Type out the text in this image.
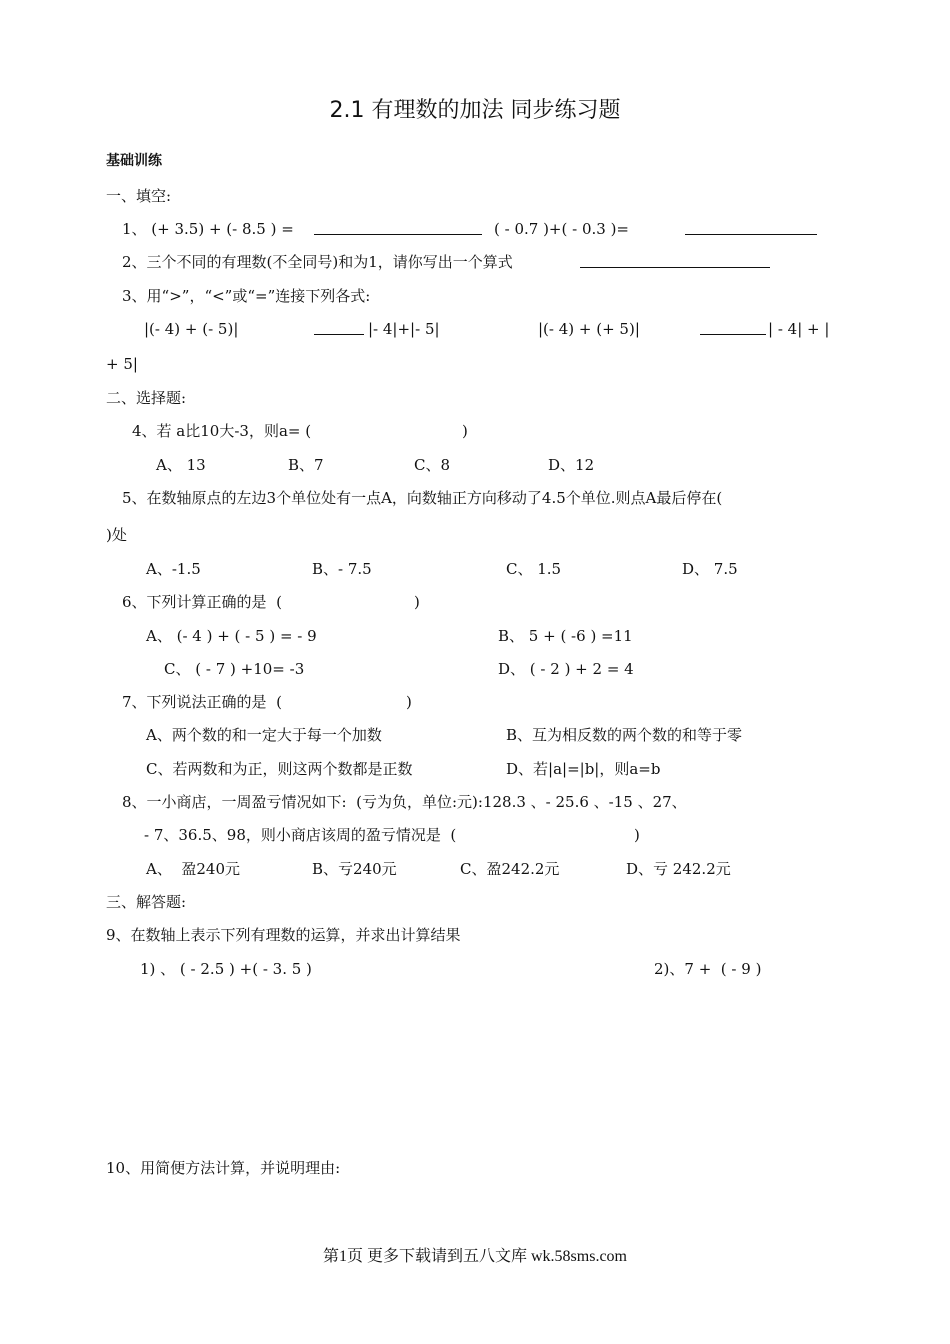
2.1 有理数的加法 同步练习题
基础训练
一、填空:
1、 (+ 3.5) + (- 8.5 ) =	( - 0.7 )+( - 0.3 )=
2、三个不同的有理数(不全同号)和为1，请你写出一个算式
3、用“>”，“<”或“=”连接下列各式:
|(- 4) + (- 5)|	|- 4|+|- 5|	|(- 4) + (+ 5)|	| - 4| + |
+ 5|
二、选择题:
4、若 a比10大-3，则a= (	)
A、 13	B、7	C、8	D、12
5、在数轴原点的左边3个单位处有一点A，向数轴正方向移动了4.5个单位.则点A最后停在(
)处
A、-1.5	B、- 7.5	C、 1.5	D、 7.5
6、下列计算正确的是  (	)
A、 (- 4 ) + ( - 5 ) = - 9	B、 5 + ( -6 ) =11
C、 ( - 7 ) +10= -3	D、 ( - 2 ) + 2 = 4
7、下列说法正确的是  (	)
A、两个数的和一定大于每一个加数	B、互为相反数的两个数的和等于零
C、若两数和为正，则这两个数都是正数	D、若|a|=|b|，则a=b
8、一小商店，一周盈亏情况如下:  (亏为负，单位:元):128.3 、- 25.6 、-15 、27、
- 7、36.5、98，则小商店该周的盈亏情况是  (	)
A、  盈240元	B、亏240元	C、盈242.2元	D、亏 242.2元
三、解答题:
9、在数轴上表示下列有理数的运算，并求出计算结果
1) 、 ( - 2.5 ) +( - 3. 5 )	2)、7 +  ( - 9 )
10、用简便方法计算，并说明理由:
第1页 更多下载请到五八文库 wk.58sms.com
